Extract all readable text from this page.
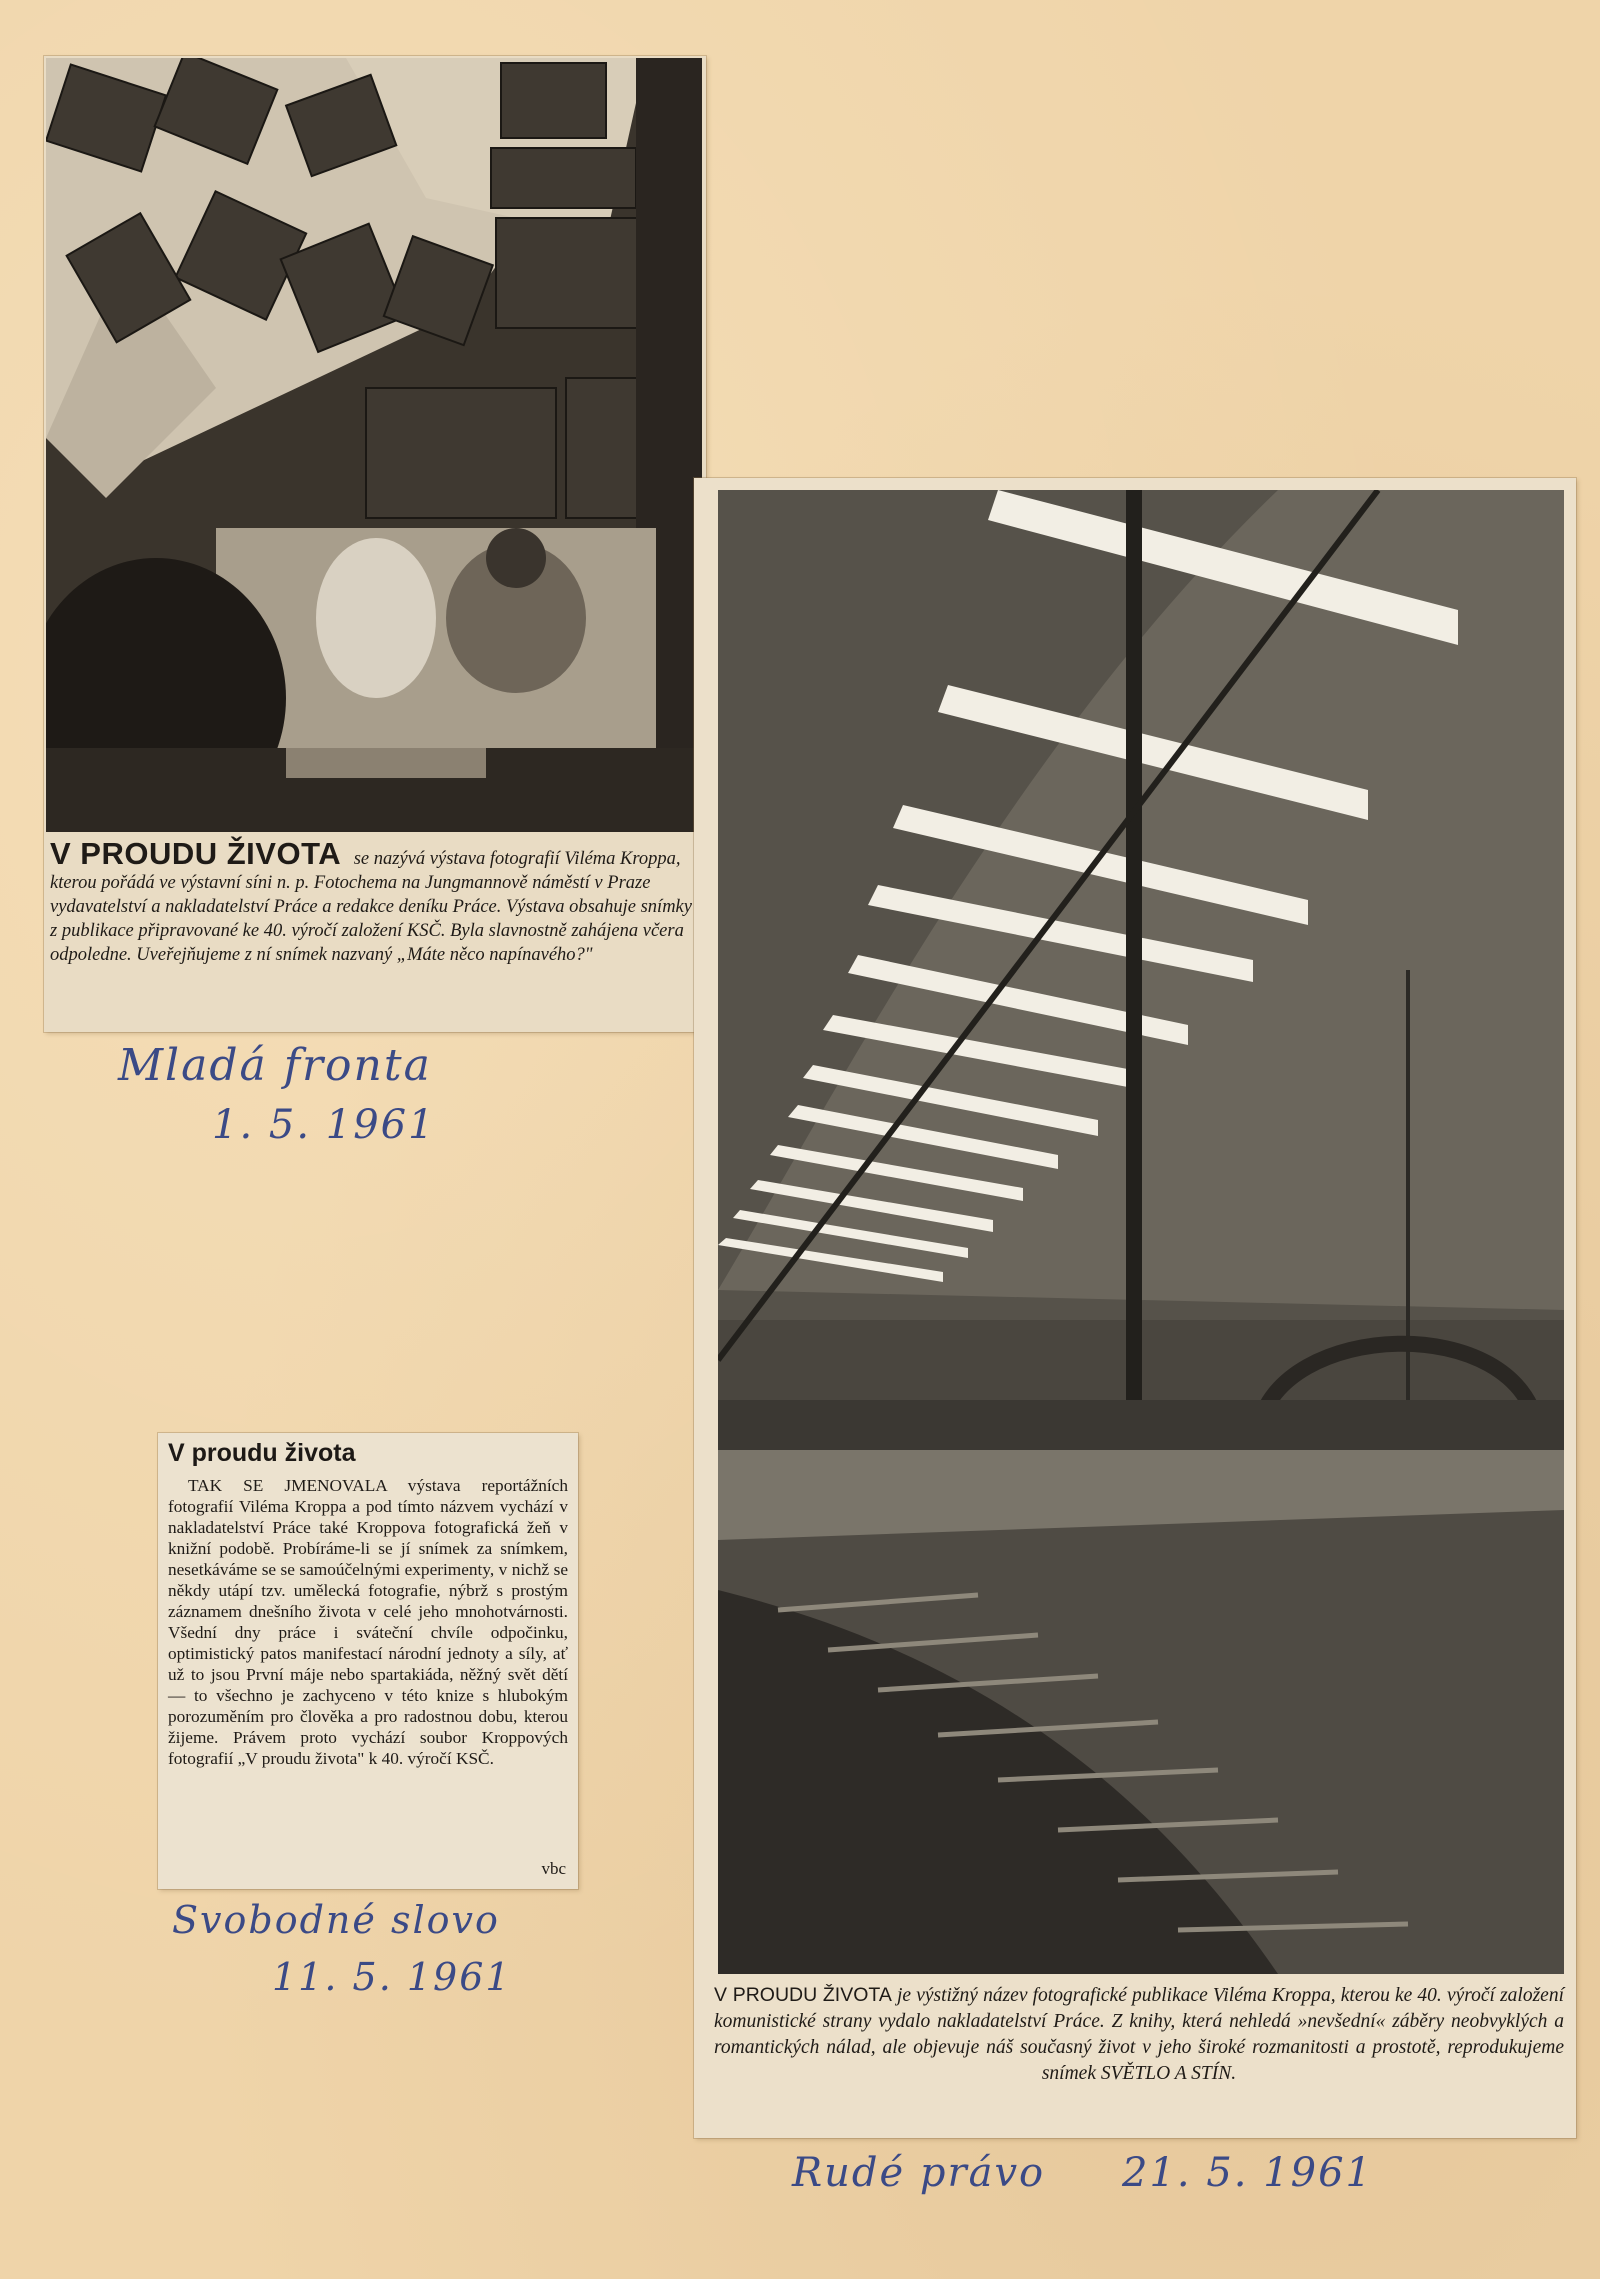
V PROUDU ŽIVOTA se nazývá výstava fotografií Viléma Kroppa, kterou pořádá ve výstavní síni n. p. Fotochema na Jungmannově náměstí v Praze vydavatelství a nakladatelství Práce a redakce deníku Práce. Výstava obsahuje snímky z publikace připravované ke 40. výročí založení KSČ. Byla slavnostně zahájena včera odpoledne. Uveřejňujeme z ní snímek nazvaný „Máte něco napínavého?"
Mladá fronta
1. 5. 1961
V proudu života
TAK SE JMENOVALA výstava reportážních fotografií Viléma Kroppa a pod tímto názvem vychází v nakladatelství Práce také Kroppova fotografická žeň v knižní podobě. Probíráme-li se jí snímek za snímkem, nesetkáváme se se samoúčelnými experimenty, v nichž se někdy utápí tzv. umělecká fotografie, nýbrž s prostým záznamem dnešního života v celé jeho mnohotvárnosti. Všední dny práce i sváteční chvíle odpočinku, optimistický patos manifestací národní jednoty a síly, ať už to jsou První máje nebo spartakiáda, něžný svět dětí — to všechno je zachyceno v této knize s hlubokým porozuměním pro člověka a pro radostnou dobu, kterou žijeme. Právem proto vychází soubor Kroppových fotografií „V proudu života" k 40. výročí KSČ.
vbc
Svobodné slovo
11. 5. 1961	V PROUDU ŽIVOTA je výstižný název fotografické publikace Viléma Kroppa, kterou ke 40. výročí založení komunistické strany vydalo nakladatelství Práce. Z knihy, která nehledá »nevšední« záběry neobvyklých a romantických nálad, ale objevuje náš současný život v jeho široké rozmanitosti a prostotě, reprodukujeme snímek SVĚTLO A STÍN.
Rudé právo 21. 5. 1961
